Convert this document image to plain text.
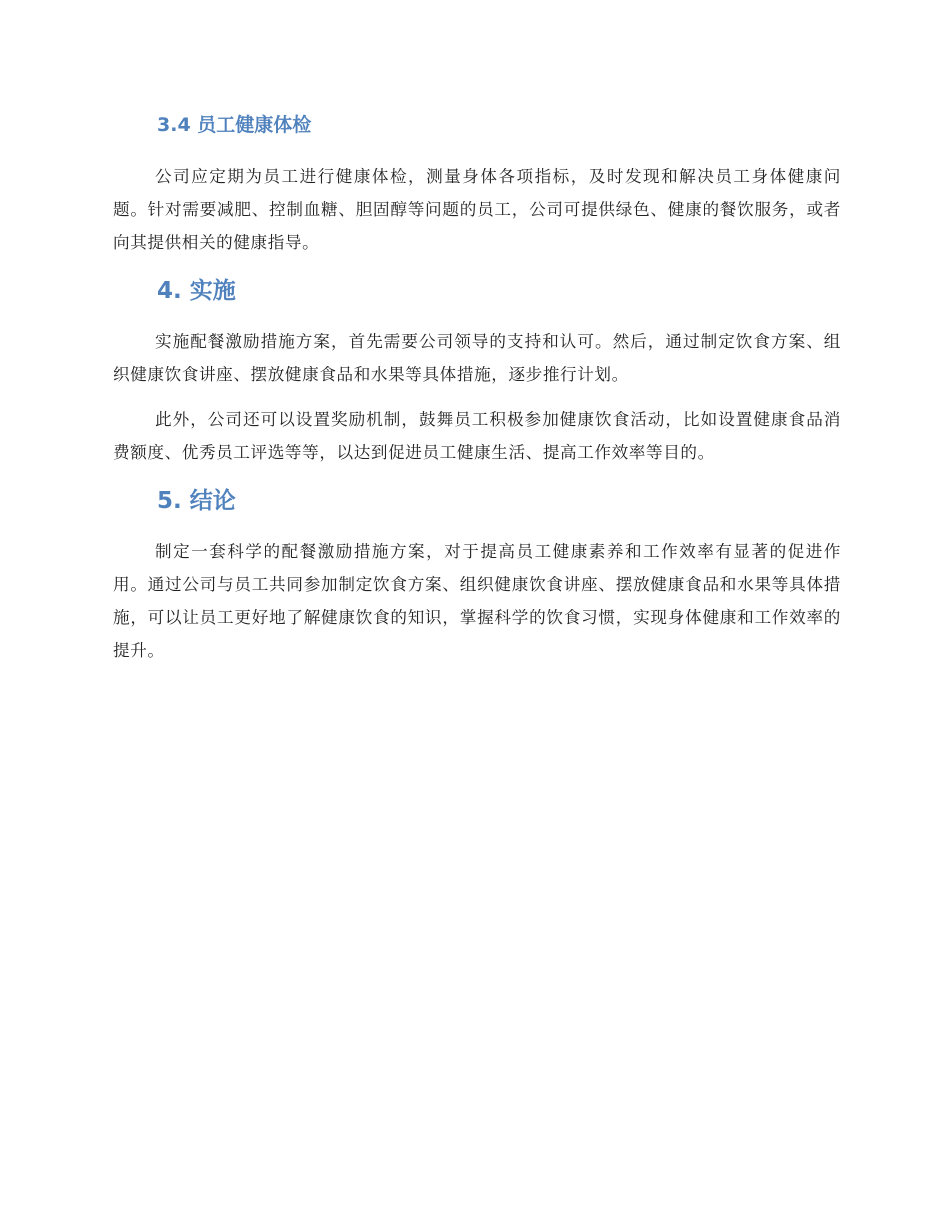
3.4 员工健康体检

公司应定期为员工进行健康体检，测量身体各项指标，及时发现和解决员工身体健康问题。针对需要减肥、控制血糖、胆固醇等问题的员工，公司可提供绿色、健康的餐饮服务，或者向其提供相关的健康指导。

4. 实施

实施配餐激励措施方案，首先需要公司领导的支持和认可。然后，通过制定饮食方案、组织健康饮食讲座、摆放健康食品和水果等具体措施，逐步推行计划。

此外，公司还可以设置奖励机制，鼓舞员工积极参加健康饮食活动，比如设置健康食品消费额度、优秀员工评选等等，以达到促进员工健康生活、提高工作效率等目的。

5. 结论

制定一套科学的配餐激励措施方案，对于提高员工健康素养和工作效率有显著的促进作用。通过公司与员工共同参加制定饮食方案、组织健康饮食讲座、摆放健康食品和水果等具体措施，可以让员工更好地了解健康饮食的知识，掌握科学的饮食习惯，实现身体健康和工作效率的提升。
